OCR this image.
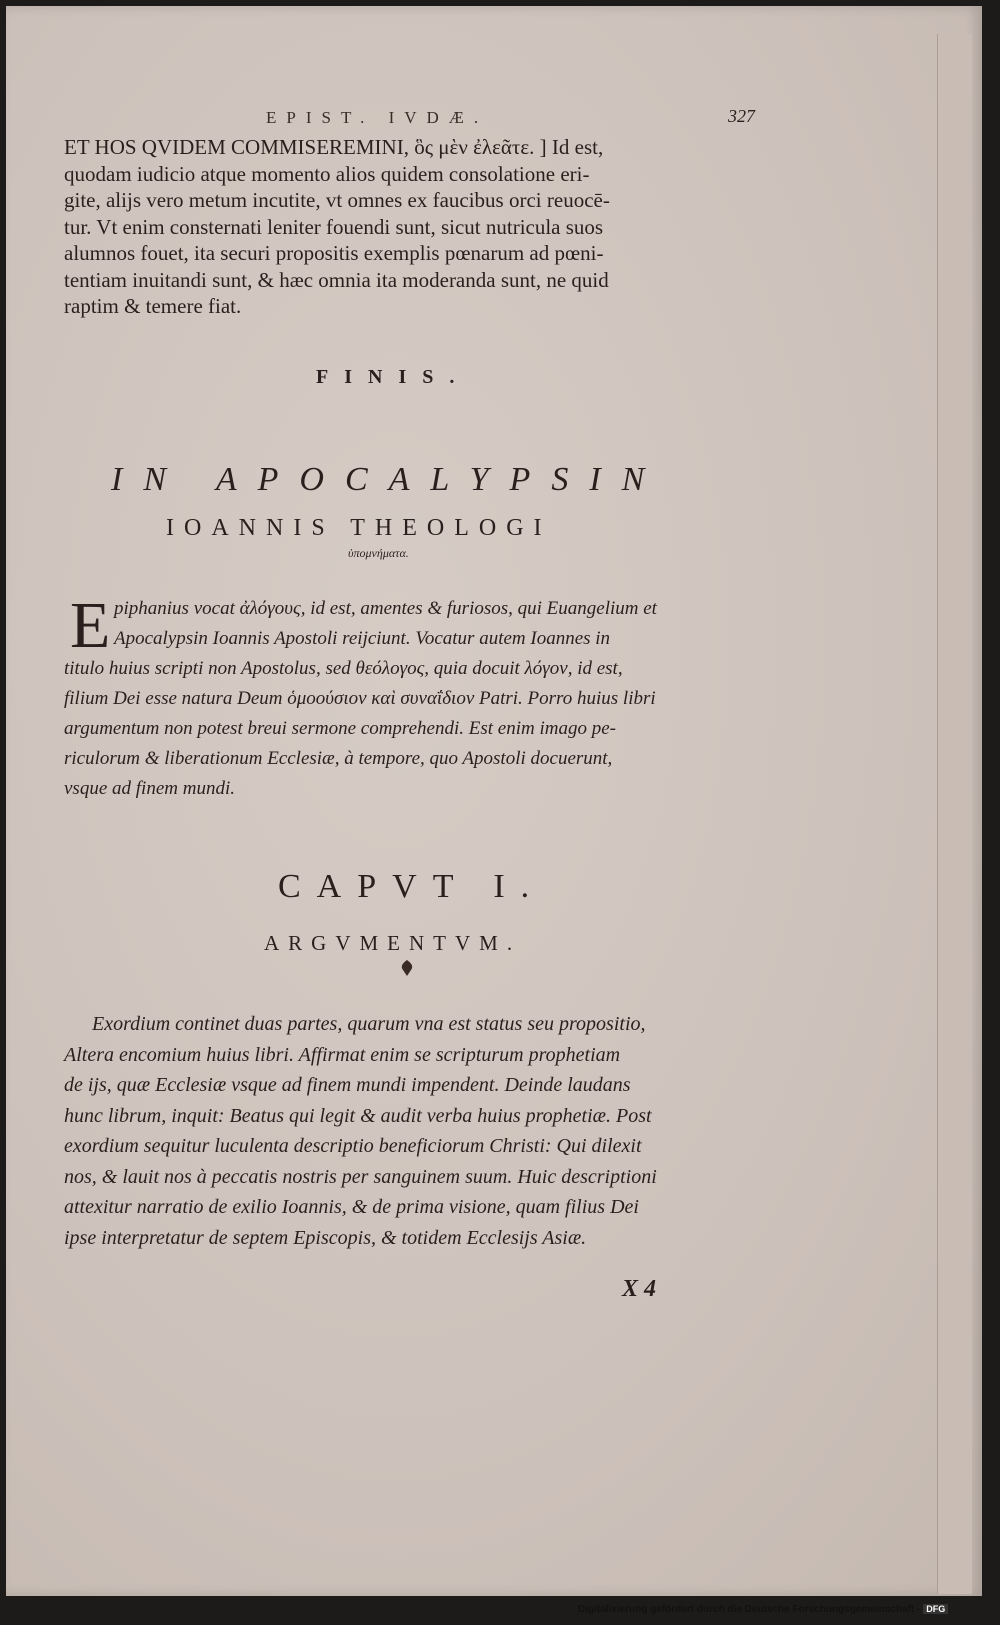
EPIST. IVDÆ.	327
ET HOS QVIDEM COMMISEREMINI, ὃς μὲν ἐλεᾶτε. ] Id est,
quodam iudicio atque momento alios quidem consolatione eri-
gite, alijs vero metum incutite, vt omnes ex faucibus orci reuocē-
tur. Vt enim consternati leniter fouendi sunt, sicut nutricula suos
alumnos fouet, ita securi propositis exemplis pœnarum ad pœni-
tentiam inuitandi sunt, & hæc omnia ita moderanda sunt, ne quid
raptim & temere fiat.
FINIS.
IN APOCALYPSIN
IOANNIS THEOLOGI
ὑπομνήματα.
E piphanius vocat ἀλόγους, id est, amentes & furiosos, qui Euangelium et
Apocalypsin Ioannis Apostoli reijciunt. Vocatur autem Ioannes in
titulo huius scripti non Apostolus, sed θεόλογος, quia docuit λόγον, id est,
filium Dei esse natura Deum ὁμοούσιον καὶ συναΐδιον Patri. Porro huius libri
argumentum non potest breui sermone comprehendi. Est enim imago pe-
riculorum & liberationum Ecclesiæ, à tempore, quo Apostoli docuerunt,
vsque ad finem mundi.
CAPVT I.
ARGVMENTVM.
Exordium continet duas partes, quarum vna est status seu propositio,
Altera encomium huius libri. Affirmat enim se scripturum prophetiam
de ijs, quæ Ecclesiæ vsque ad finem mundi impendent. Deinde laudans
hunc librum, inquit: Beatus qui legit & audit verba huius prophetiæ. Post
exordium sequitur luculenta descriptio beneficiorum Christi: Qui dilexit
nos, & lauit nos à peccatis nostris per sanguinem suum. Huic descriptioni
attexitur narratio de exilio Ioannis, & de prima visione, quam filius Dei
ipse interpretatur de septem Episcopis, & totidem Ecclesijs Asiæ.
X 4
Digitalisierung gefördert durch die Deutsche Forschungsgemeinschaft - DFG
